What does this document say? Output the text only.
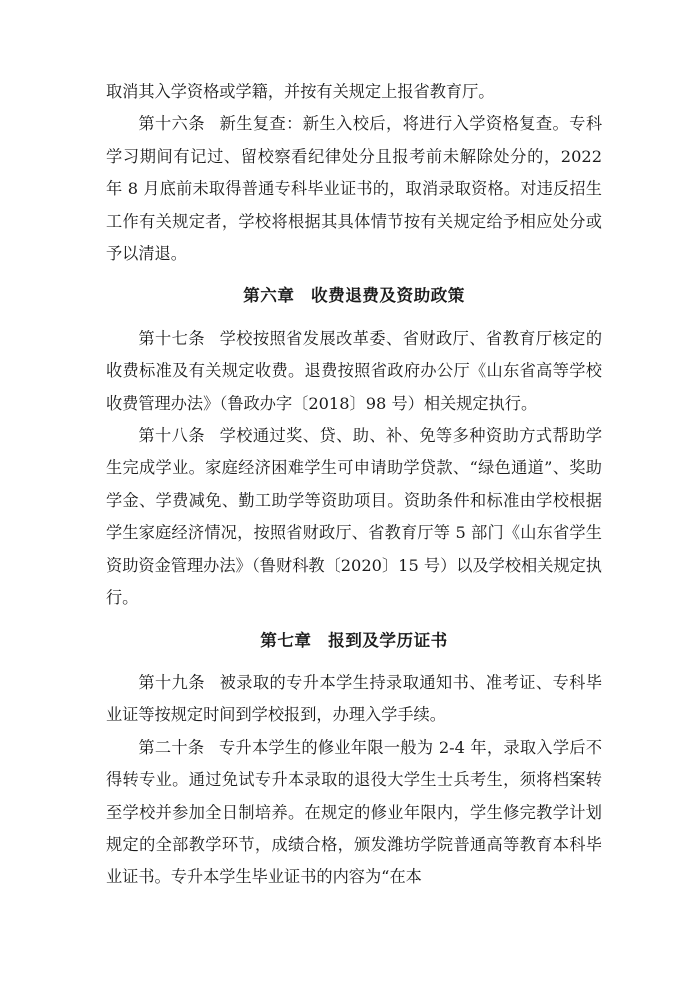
取消其入学资格或学籍，并按有关规定上报省教育厅。

第十六条 新生复查：新生入校后，将进行入学资格复查。专科学习期间有记过、留校察看纪律处分且报考前未解除处分的，2022 年 8 月底前未取得普通专科毕业证书的，取消录取资格。对违反招生工作有关规定者，学校将根据其具体情节按有关规定给予相应处分或予以清退。

第六章 收费退费及资助政策

第十七条 学校按照省发展改革委、省财政厅、省教育厅核定的收费标准及有关规定收费。退费按照省政府办公厅《山东省高等学校收费管理办法》（鲁政办字〔2018〕98 号）相关规定执行。

第十八条 学校通过奖、贷、助、补、免等多种资助方式帮助学生完成学业。家庭经济困难学生可申请助学贷款、“绿色通道”、奖助学金、学费减免、勤工助学等资助项目。资助条件和标准由学校根据学生家庭经济情况，按照省财政厅、省教育厅等 5 部门《山东省学生资助资金管理办法》（鲁财科教〔2020〕15 号）以及学校相关规定执行。

第七章 报到及学历证书

第十九条 被录取的专升本学生持录取通知书、准考证、专科毕业证等按规定时间到学校报到，办理入学手续。

第二十条 专升本学生的修业年限一般为 2-4 年，录取入学后不得转专业。通过免试专升本录取的退役大学生士兵考生，须将档案转至学校并参加全日制培养。在规定的修业年限内，学生修完教学计划规定的全部教学环节，成绩合格，颁发潍坊学院普通高等教育本科毕业证书。专升本学生毕业证书的内容为“在本
